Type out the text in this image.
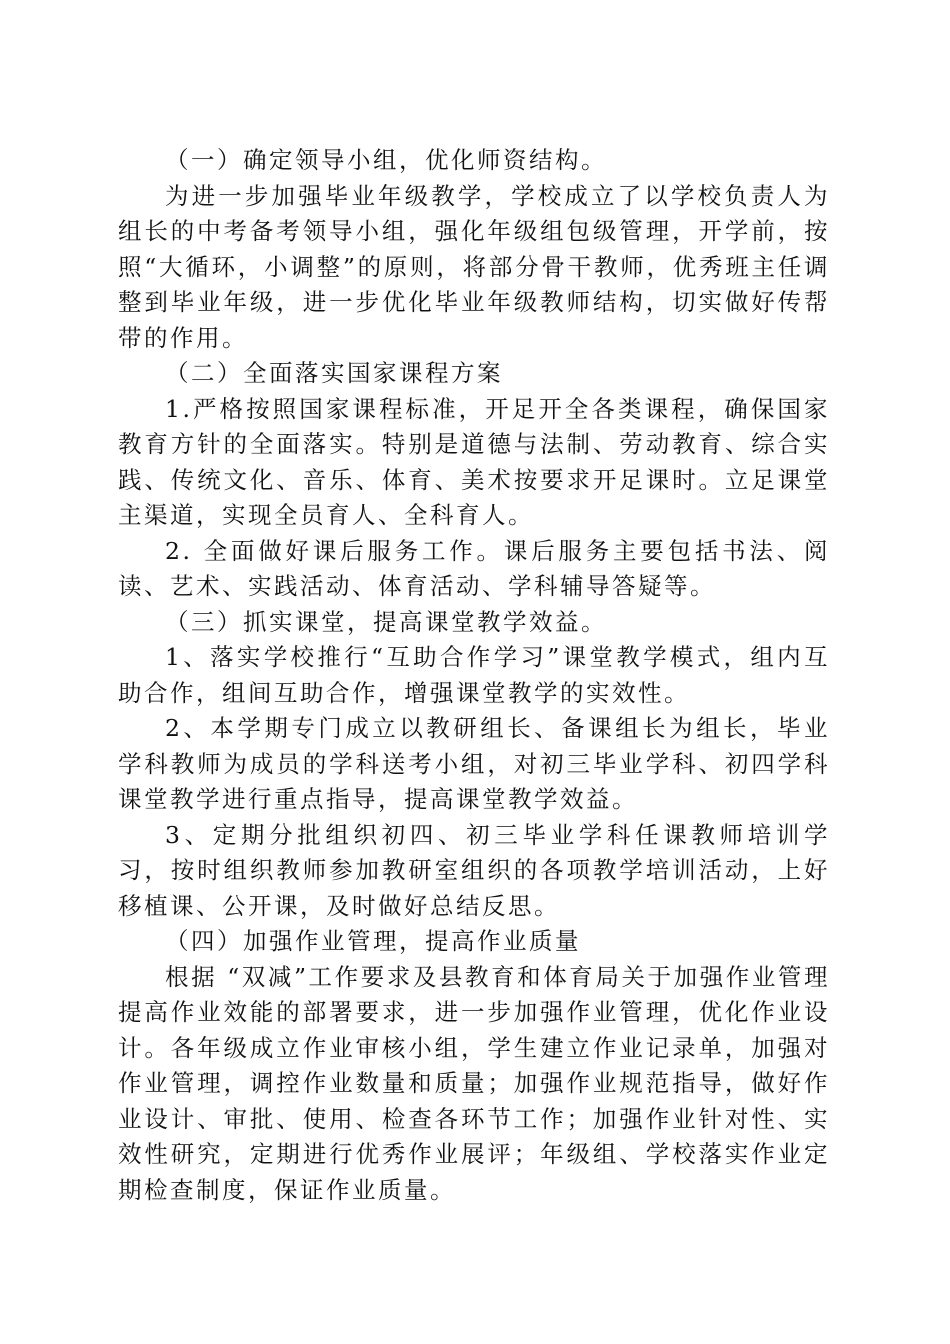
（一）确定领导小组，优化师资结构。

为进一步加强毕业年级教学，学校成立了以学校负责人为组长的中考备考领导小组，强化年级组包级管理，开学前，按照“大循环，小调整”的原则，将部分骨干教师，优秀班主任调整到毕业年级，进一步优化毕业年级教师结构，切实做好传帮带的作用。

（二）全面落实国家课程方案

1.严格按照国家课程标准，开足开全各类课程，确保国家教育方针的全面落实。特别是道德与法制、劳动教育、综合实践、传统文化、音乐、体育、美术按要求开足课时。立足课堂主渠道，实现全员育人、全科育人。

2. 全面做好课后服务工作。课后服务主要包括书法、阅读、艺术、实践活动、体育活动、学科辅导答疑等。

（三）抓实课堂，提高课堂教学效益。

1、落实学校推行“互助合作学习”课堂教学模式，组内互助合作，组间互助合作，增强课堂教学的实效性。

2、本学期专门成立以教研组长、备课组长为组长，毕业学科教师为成员的学科送考小组，对初三毕业学科、初四学科课堂教学进行重点指导，提高课堂教学效益。

3、定期分批组织初四、初三毕业学科任课教师培训学习，按时组织教师参加教研室组织的各项教学培训活动，上好移植课、公开课，及时做好总结反思。

（四）加强作业管理，提高作业质量

根据 “双减”工作要求及县教育和体育局关于加强作业管理提高作业效能的部署要求，进一步加强作业管理，优化作业设计。各年级成立作业审核小组，学生建立作业记录单，加强对作业管理，调控作业数量和质量；加强作业规范指导，做好作业设计、审批、使用、检查各环节工作；加强作业针对性、实效性研究，定期进行优秀作业展评；年级组、学校落实作业定期检查制度，保证作业质量。
